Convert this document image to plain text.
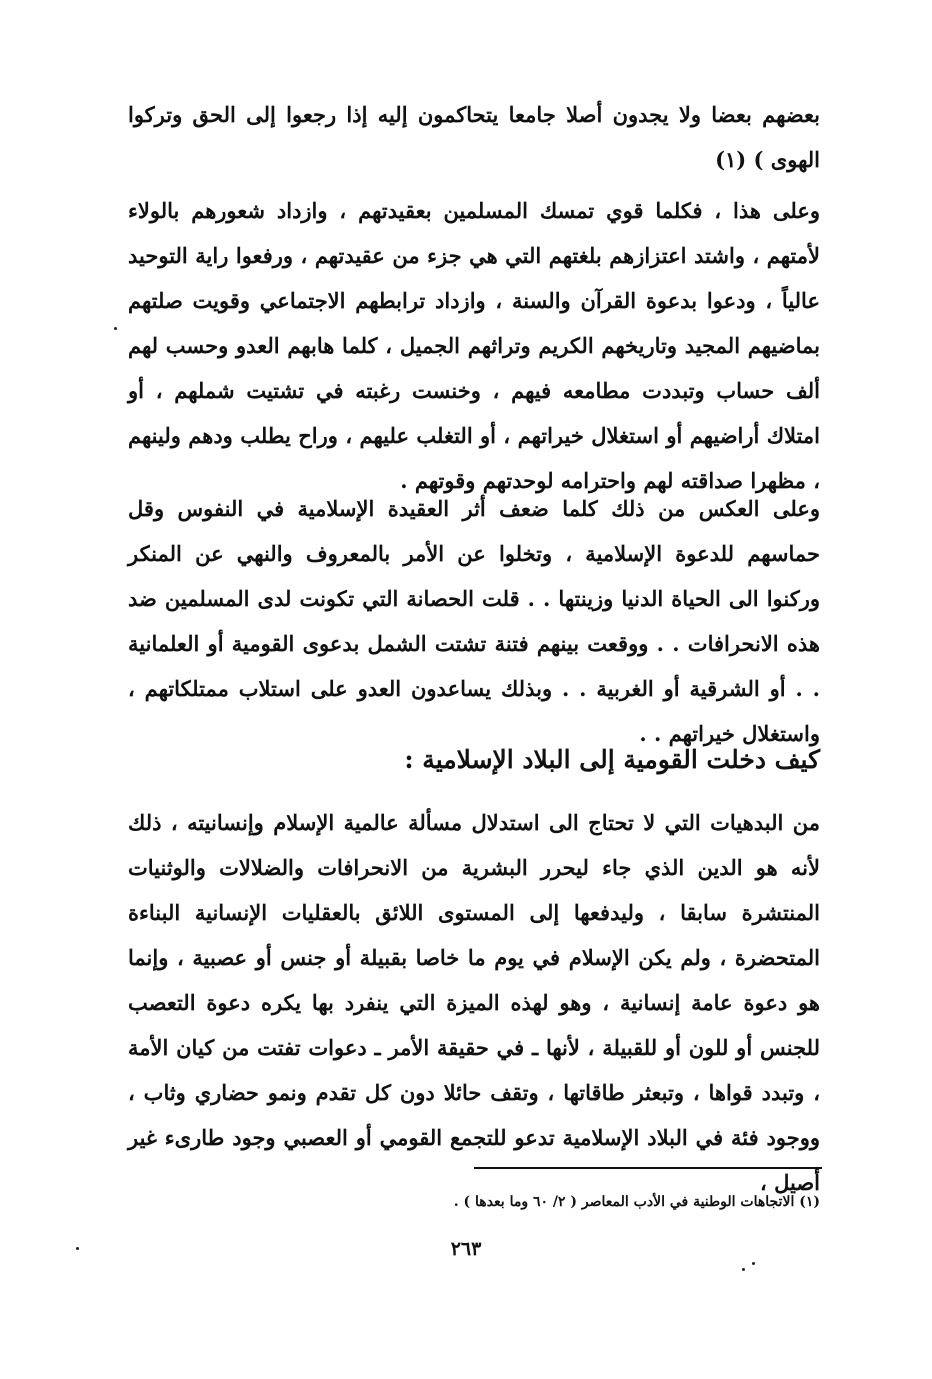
بعضهم بعضا ولا يجدون أصلا جامعا يتحاكمون إليه إذا رجعوا إلى الحق وتركوا الهوى ) (١)

وعلى هذا ، فكلما قوي تمسك المسلمين بعقيدتهم ، وازداد شعورهم بالولاء لأمتهم ، واشتد اعتزازهم بلغتهم التي هي جزء من عقيدتهم ، ورفعوا راية التوحيد عالياً ، ودعوا بدعوة القرآن والسنة ، وازداد ترابطهم الاجتماعي وقويت صلتهم بماضيهم المجيد وتاريخهم الكريم وتراثهم الجميل ، كلما هابهم العدو وحسب لهم ألف حساب وتبددت مطامعه فيهم ، وخنست رغبته في تشتيت شملهم ، أو امتلاك أراضيهم أو استغلال خيراتهم ، أو التغلب عليهم ، وراح يطلب ودهم ولينهم ، مظهرا صداقته لهم واحترامه لوحدتهم وقوتهم .

وعلى العكس من ذلك كلما ضعف أثر العقيدة الإسلامية في النفوس وقل حماسهم للدعوة الإسلامية ، وتخلوا عن الأمر بالمعروف والنهي عن المنكر وركنوا الى الحياة الدنيا وزينتها . . قلت الحصانة التي تكونت لدى المسلمين ضد هذه الانحرافات . . ووقعت بينهم فتنة تشتت الشمل بدعوى القومية أو العلمانية . . أو الشرقية أو الغربية . . وبذلك يساعدون العدو على استلاب ممتلكاتهم ، واستغلال خيراتهم . .

كيف دخلت القومية إلى البلاد الإسلامية :

من البدهيات التي لا تحتاج الى استدلال مسألة عالمية الإسلام وإنسانيته ، ذلك لأنه هو الدين الذي جاء ليحرر البشرية من الانحرافات والضلالات والوثنيات المنتشرة سابقا ، وليدفعها إلى المستوى اللائق بالعقليات الإنسانية البناءة المتحضرة ، ولم يكن الإسلام في يوم ما خاصا بقبيلة أو جنس أو عصبية ، وإنما هو دعوة عامة إنسانية ، وهو لهذه الميزة التي ينفرد بها يكره دعوة التعصب للجنس أو للون أو للقبيلة ، لأنها ـ في حقيقة الأمر ـ دعوات تفتت من كيان الأمة ، وتبدد قواها ، وتبعثر طاقاتها ، وتقف حائلا دون كل تقدم ونمو حضاري وثاب ، ووجود فئة في البلاد الإسلامية تدعو للتجمع القومي أو العصبي وجود طارىء غير أصيل ،

(١) الاتجاهات الوطنية في الأدب المعاصر ( ٢/ ٦٠ وما بعدها ) .
٢٦٣
